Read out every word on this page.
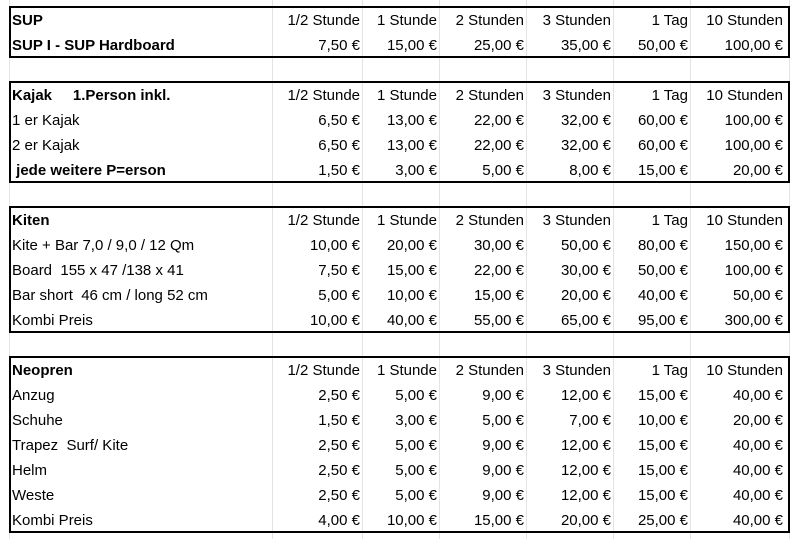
SUP	1/2 Stunde	1 Stunde	2 Stunden	3 Stunden	1 Tag	10 Stunden
SUP I - SUP Hardboard	7,50 €	15,00 €	25,00 €	35,00 €	50,00 €	100,00 €
Kajak     1.Person inkl.	1/2 Stunde	1 Stunde	2 Stunden	3 Stunden	1 Tag	10 Stunden
1 er Kajak	6,50 €	13,00 €	22,00 €	32,00 €	60,00 €	100,00 €
2 er Kajak	6,50 €	13,00 €	22,00 €	32,00 €	60,00 €	100,00 €
jede weitere P=erson	1,50 €	3,00 €	5,00 €	8,00 €	15,00 €	20,00 €
Kiten	1/2 Stunde	1 Stunde	2 Stunden	3 Stunden	1 Tag	10 Stunden
Kite + Bar 7,0 / 9,0 / 12 Qm	10,00 €	20,00 €	30,00 €	50,00 €	80,00 €	150,00 €
Board  155 x 47 /138 x 41	7,50 €	15,00 €	22,00 €	30,00 €	50,00 €	100,00 €
Bar short  46 cm / long 52 cm	5,00 €	10,00 €	15,00 €	20,00 €	40,00 €	50,00 €
Kombi Preis	10,00 €	40,00 €	55,00 €	65,00 €	95,00 €	300,00 €
Neopren	1/2 Stunde	1 Stunde	2 Stunden	3 Stunden	1 Tag	10 Stunden
Anzug	2,50 €	5,00 €	9,00 €	12,00 €	15,00 €	40,00 €
Schuhe	1,50 €	3,00 €	5,00 €	7,00 €	10,00 €	20,00 €
Trapez  Surf/ Kite	2,50 €	5,00 €	9,00 €	12,00 €	15,00 €	40,00 €
Helm	2,50 €	5,00 €	9,00 €	12,00 €	15,00 €	40,00 €
Weste	2,50 €	5,00 €	9,00 €	12,00 €	15,00 €	40,00 €
Kombi Preis	4,00 €	10,00 €	15,00 €	20,00 €	25,00 €	40,00 €
